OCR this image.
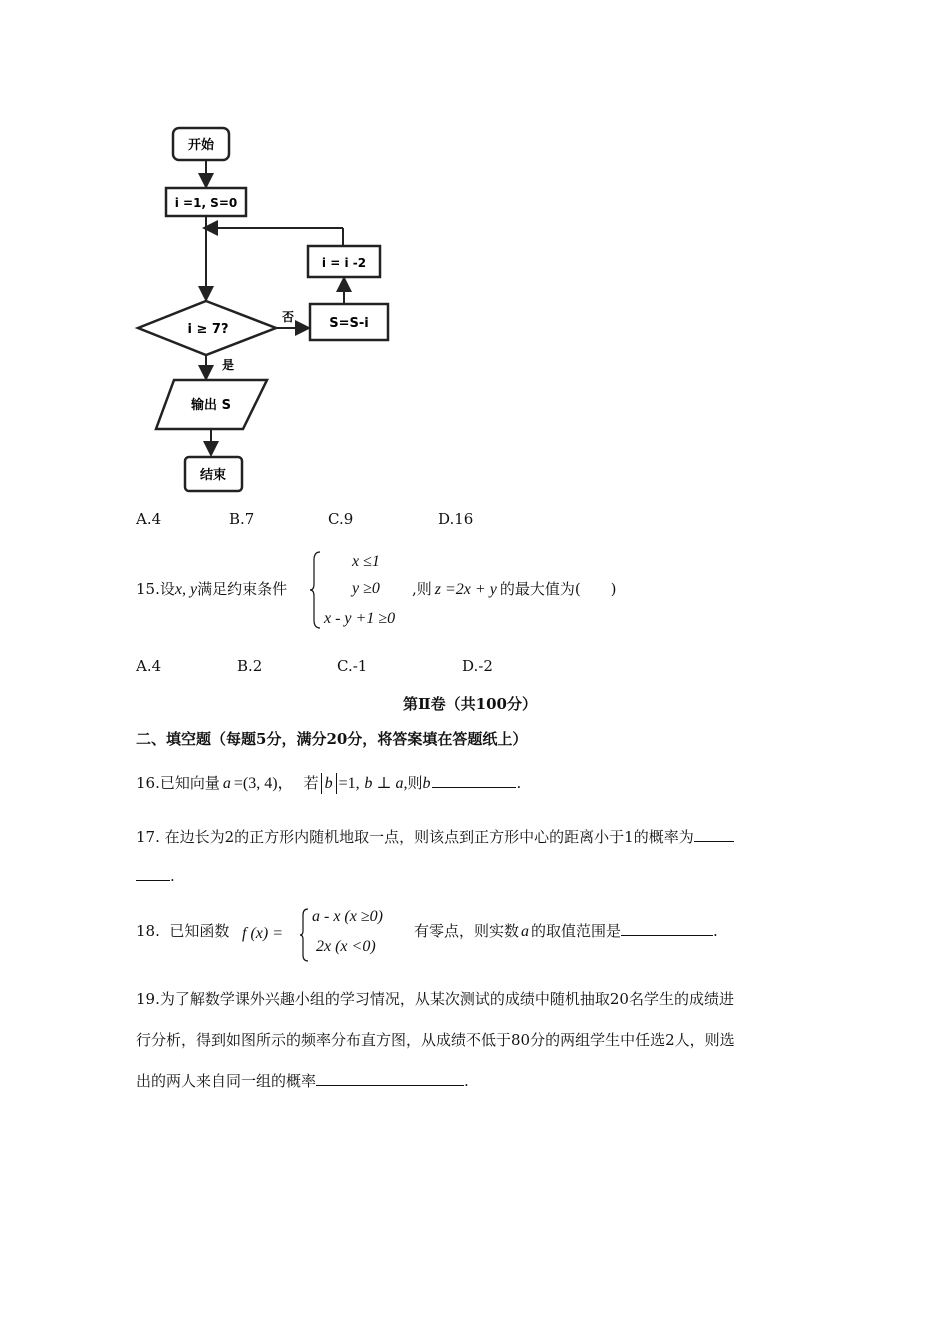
开始
i =1, S=0
i = i -2
i ≥ 7?
否	S=S-i
是
输出 S
结束
A.4	B.7	C.9	D.16
15.设x, y满足约束条件
x ≤1
y ≥0
x - y +1 ≥0
,则 z =2x + y 的最大值为(　　)
A.4	B.2	C.-1	D.-2
第Ⅱ卷（共100分）
二、填空题（每题5分，满分20分，将答案填在答题纸上）
16.已知向量 a =(3, 4)， 若 b =1, b ⊥ a,则b	.
17. 在边长为2的正方形内随机地取一点，则该点到正方形中心的距离小于1的概率为
.
18. 已知函数 f (x) =
a - x (x ≥0)
2x (x <0)
有零点，则实数 a 的取值范围是	.
19.为了解数学课外兴趣小组的学习情况，从某次测试的成绩中随机抽取20名学生的成绩进
行分析，得到如图所示的频率分布直方图，从成绩不低于80分的两组学生中任选2人，则选
出的两人来自同一组的概率	.
